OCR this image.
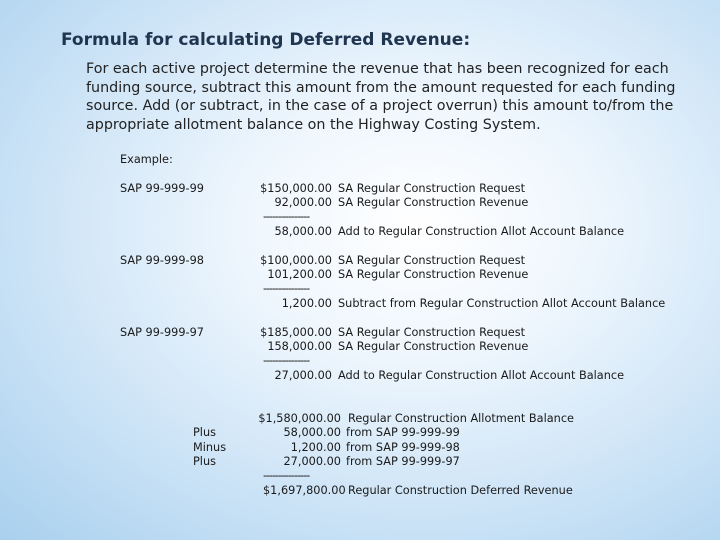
Formula for calculating Deferred Revenue:
For each active project determine the revenue that has been recognized for each funding source, subtract this amount from the amount requested for each funding source. Add (or subtract, in the case of a project overrun) this amount to/from the appropriate allotment balance on the Highway Costing System.
Example:
SAP 99-999-99	$150,000.00 SA Regular Construction Request
92,000.00 SA Regular Construction Revenue
---------------
58,000.00 Add to Regular Construction Allot Account Balance
SAP 99-999-98	$100,000.00 SA Regular Construction Request
101,200.00 SA Regular Construction Revenue
---------------
1,200.00 Subtract from Regular Construction Allot Account Balance
SAP 99-999-97	$185,000.00 SA Regular Construction Request
158,000.00 SA Regular Construction Revenue
---------------
27,000.00 Add to Regular Construction Allot Account Balance
$1,580,000.00 Regular Construction Allotment Balance
Plus	58,000.00 from SAP 99-999-99
Minus	1,200.00 from SAP 99-999-98
Plus	27,000.00 from SAP 99-999-97
---------------
$1,697,800.00 Regular Construction Deferred Revenue
